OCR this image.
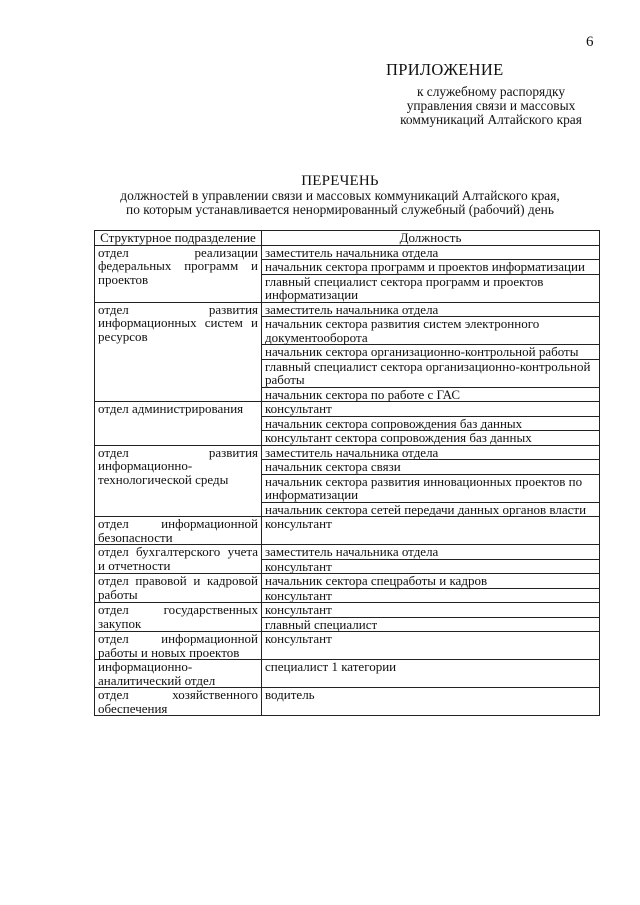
6
ПРИЛОЖЕНИЕ
к служебному распорядку управления связи и массовых коммуникаций Алтайского края
ПЕРЕЧЕНЬ
должностей в управлении связи и массовых коммуникаций Алтайского края,
по которым устанавливается ненормированный служебный (рабочий) день
Структурное подразделение	Должность
отдел реализации федеральных программ и проектов	заместитель начальника отдела
	начальник сектора программ и проектов информатизации
	главный специалист сектора программ и проектов информатизации
отдел развития информационных систем и ресурсов	заместитель начальника отдела
	начальник сектора развития систем электронного документооборота
	начальник сектора организационно-контрольной работы
	главный специалист сектора организационно-контрольной работы
	начальник сектора по работе с ГАС
отдел администрирования	консультант
	начальник сектора сопровождения баз данных
	консультант сектора сопровождения баз данных
отдел развития информационно-технологической среды	заместитель начальника отдела
	начальник сектора связи
	начальник сектора развития инновационных проектов по информатизации
	начальник сектора сетей передачи данных органов власти
отдел информационной безопасности	консультант
отдел бухгалтерского учета и отчетности	заместитель начальника отдела
	консультант
отдел правовой и кадровой работы	начальник сектора спецработы и кадров
	консультант
отдел государственных закупок	консультант
	главный специалист
отдел информационной работы и новых проектов	консультант
информационно-аналитический отдел	специалист 1 категории
отдел хозяйственного обеспечения	водитель
